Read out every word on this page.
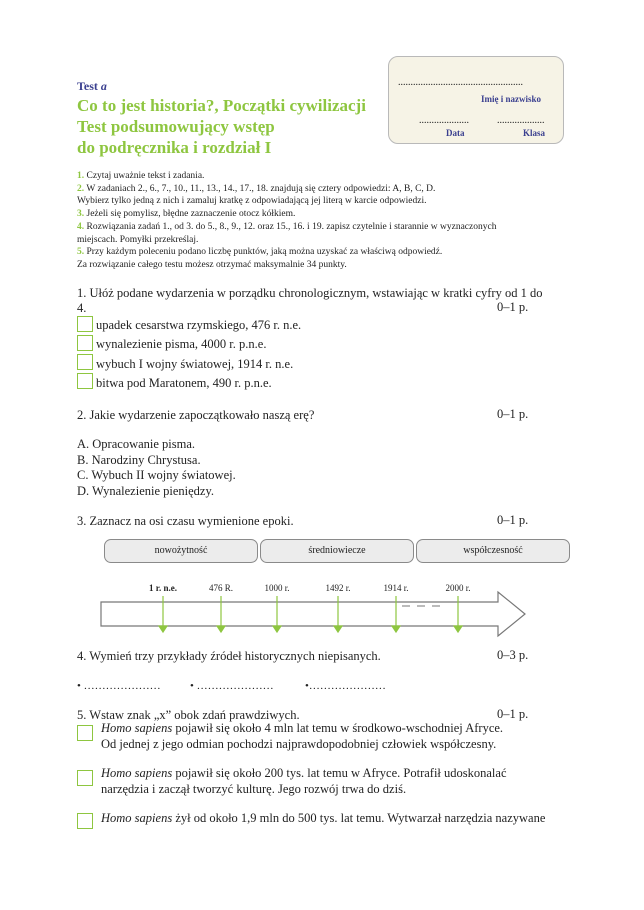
Test a
Co to jest historia?, Początki cywilizacji
Test podsumowujący wstęp
do podręcznika i rozdział I
..................................................
Imię i nazwisko
....................	...................
Data	Klasa
1. Czytaj uważnie tekst i zadania.
2. W zadaniach 2., 6., 7., 10., 11., 13., 14., 17., 18. znajdują się cztery odpowiedzi: A, B, C, D.
Wybierz tylko jedną z nich i zamaluj kratkę z odpowiadającą jej literą w karcie odpowiedzi.
3. Jeżeli się pomylisz, błędne zaznaczenie otocz kółkiem.
4. Rozwiązania zadań 1., od 3. do 5., 8., 9., 12. oraz 15., 16. i 19. zapisz czytelnie i starannie w wyznaczonych
miejscach. Pomyłki przekreślaj.
5. Przy każdym poleceniu podano liczbę punktów, jaką można uzyskać za właściwą odpowiedź.
Za rozwiązanie całego testu możesz otrzymać maksymalnie 34 punkty.
1. Ułóż podane wydarzenia w porządku chronologicznym, wstawiając w kratki cyfry od 1 do
4.	0–1 p.
upadek cesarstwa rzymskiego, 476 r. n.e.
wynalezienie pisma, 4000 r. p.n.e.
wybuch I wojny światowej, 1914 r. n.e.
bitwa pod Maratonem, 490 r. p.n.e.
2. Jakie wydarzenie zapoczątkowało naszą erę?	0–1 p.
A. Opracowanie pisma.
B. Narodziny Chrystusa.
C. Wybuch II wojny światowej.
D. Wynalezienie pieniędzy.
3. Zaznacz na osi czasu wymienione epoki.	0–1 p.
nowożytność	średniowiecze	współczesność
1 r. n.e.	476 R.	1000 r.	1492 r.	1914 r.	2000 r.
4. Wymień trzy przykłady źródeł historycznych niepisanych.	0–3 p.
• …………………	• …………………	•…………………
5. Wstaw znak „x” obok zdań prawdziwych.	0–1 p.
Homo sapiens pojawił się około 4 mln lat temu w środkowo-wschodniej Afryce.
Od jednej z jego odmian pochodzi najprawdopodobniej człowiek współczesny.
Homo sapiens pojawił się około 200 tys. lat temu w Afryce. Potrafił udoskonalać
narzędzia i zaczął tworzyć kulturę. Jego rozwój trwa do dziś.
Homo sapiens żył od około 1,9 mln do 500 tys. lat temu. Wytwarzał narzędzia nazywane
